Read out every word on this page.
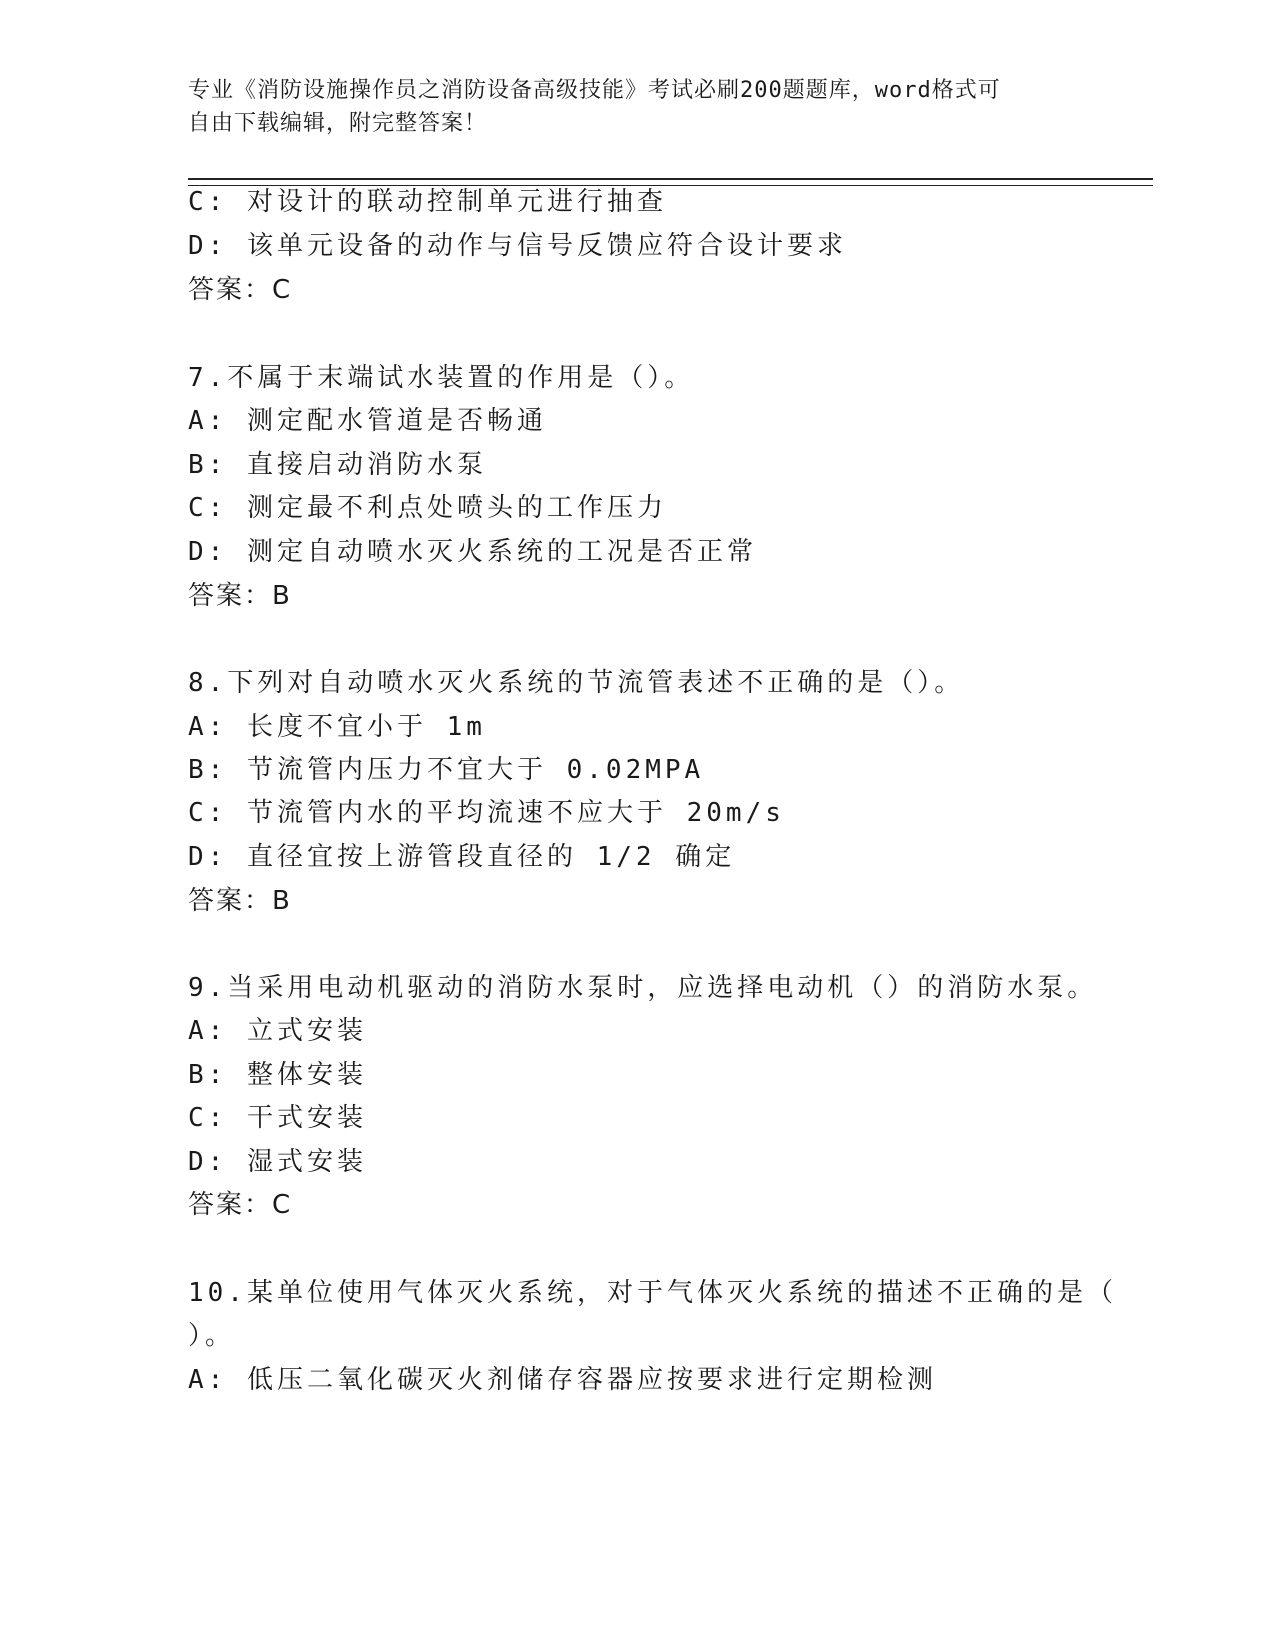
专业《消防设施操作员之消防设备高级技能》考试必刷200题题库，word格式可
自由下载编辑，附完整答案！
C: 对设计的联动控制单元进行抽查
D: 该单元设备的动作与信号反馈应符合设计要求
答案：C
7.不属于末端试水装置的作用是（）。
A: 测定配水管道是否畅通
B: 直接启动消防水泵
C: 测定最不利点处喷头的工作压力
D: 测定自动喷水灭火系统的工况是否正常
答案：B
8.下列对自动喷水灭火系统的节流管表述不正确的是（）。
A: 长度不宜小于 1m
B: 节流管内压力不宜大于 0.02MPA
C: 节流管内水的平均流速不应大于 20m/s
D: 直径宜按上游管段直径的 1/2 确定
答案：B
9.当采用电动机驱动的消防水泵时，应选择电动机（）的消防水泵。
A: 立式安装
B: 整体安装
C: 干式安装
D: 湿式安装
答案：C
10.某单位使用气体灭火系统，对于气体灭火系统的描述不正确的是（
）。
A: 低压二氧化碳灭火剂储存容器应按要求进行定期检测
